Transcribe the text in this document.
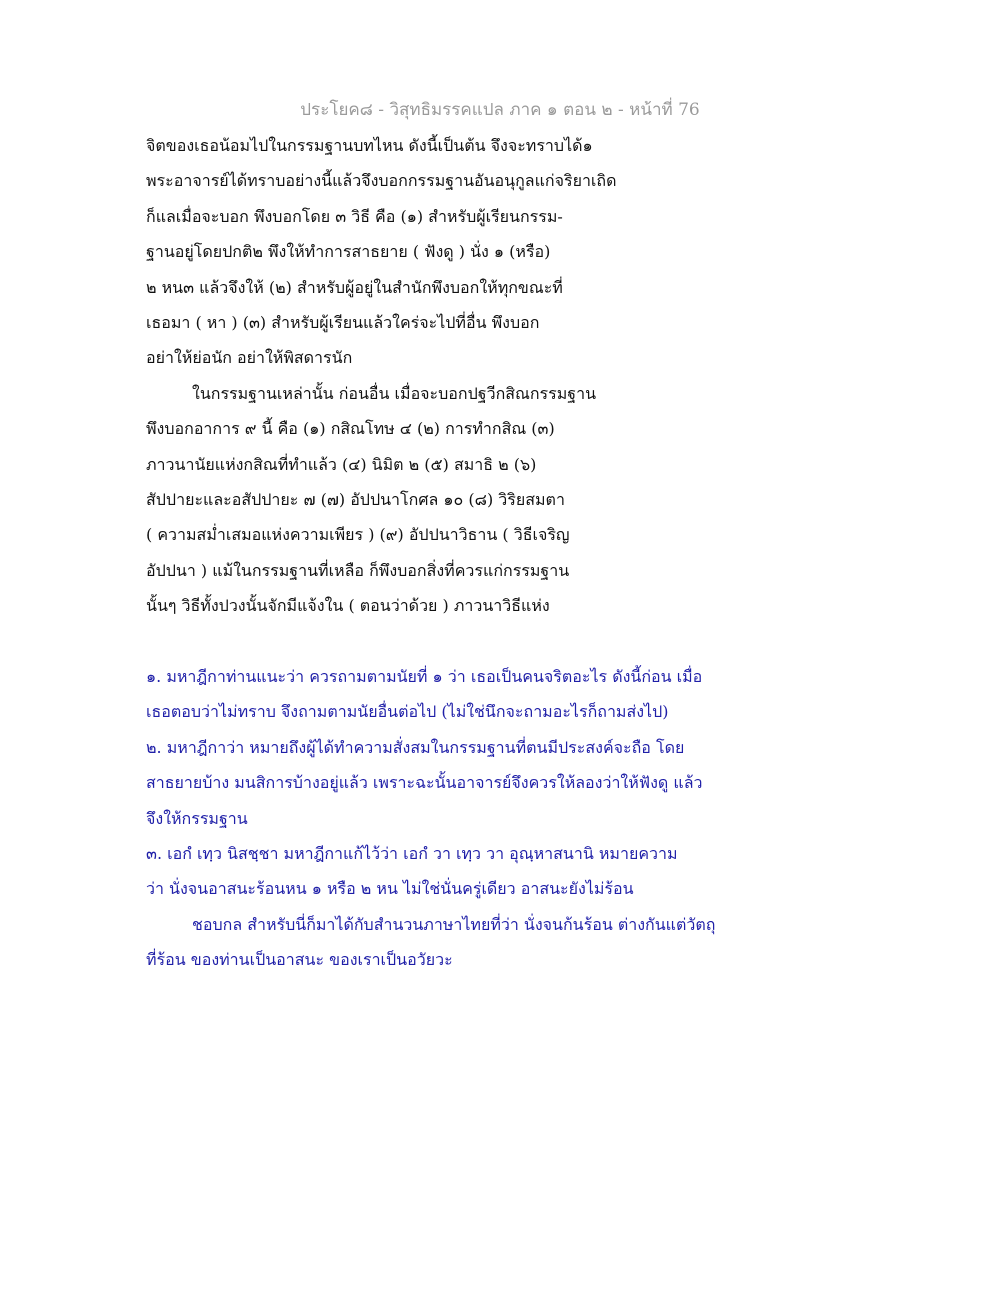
ประโยค๘ - วิสุทธิมรรคแปล ภาค ๑ ตอน ๒ - หน้าที่ 76
จิตของเธอน้อมไปในกรรมฐานบทไหน ดังนี้เป็นต้น จึงจะทราบได้๑
พระอาจารย์ได้ทราบอย่างนี้แล้วจึงบอกกรรมฐานอันอนุกูลแก่จริยาเถิด
ก็แลเมื่อจะบอก พึงบอกโดย ๓ วิธี คือ (๑) สำหรับผู้เรียนกรรม-
ฐานอยู่โดยปกติ๒ พึงให้ทำการสาธยาย ( ฟังดู ) นั่ง ๑ (หรือ)
๒ หน๓ แล้วจึงให้ (๒) สำหรับผู้อยู่ในสำนักพึงบอกให้ทุกขณะที่
เธอมา ( หา ) (๓) สำหรับผู้เรียนแล้วใคร่จะไปที่อื่น พึงบอก
อย่าให้ย่อนัก อย่าให้พิสดารนัก
ในกรรมฐานเหล่านั้น ก่อนอื่น เมื่อจะบอกปฐวีกสิณกรรมฐาน
พึงบอกอาการ ๙ นี้ คือ (๑) กสิณโทษ ๔ (๒) การทำกสิณ (๓)
ภาวนานัยแห่งกสิณที่ทำแล้ว (๔) นิมิต ๒ (๕) สมาธิ ๒ (๖)
สัปปายะและอสัปปายะ ๗ (๗) อัปปนาโกศล ๑๐ (๘) วิริยสมตา
( ความสม่ำเสมอแห่งความเพียร ) (๙) อัปปนาวิธาน ( วิธีเจริญ
อัปปนา ) แม้ในกรรมฐานที่เหลือ ก็พึงบอกสิ่งที่ควรแก่กรรมฐาน
นั้นๆ วิธีทั้งปวงนั้นจักมีแจ้งใน ( ตอนว่าด้วย ) ภาวนาวิธีแห่ง
๑. มหาฎีกาท่านแนะว่า ควรถามตามนัยที่ ๑ ว่า เธอเป็นคนจริตอะไร ดังนี้ก่อน เมื่อ
เธอตอบว่าไม่ทราบ จึงถามตามนัยอื่นต่อไป (ไม่ใช่นึกจะถามอะไรก็ถามส่งไป)
๒. มหาฎีกาว่า หมายถึงผู้ได้ทำความสั่งสมในกรรมฐานที่ตนมีประสงค์จะถือ โดย
สาธยายบ้าง มนสิการบ้างอยู่แล้ว เพราะฉะนั้นอาจารย์จึงควรให้ลองว่าให้ฟังดู แล้ว
จึงให้กรรมฐาน
๓. เอกํ เทฺว นิสชฺชา มหาฎีกาแก้ไว้ว่า เอกํ วา เทฺว วา อุณฺหาสนานิ หมายความ
ว่า นั่งจนอาสนะร้อนหน ๑ หรือ ๒ หน ไม่ใช่นั่นครู่เดียว อาสนะยังไม่ร้อน
ชอบกล สำหรับนี่ก็มาได้กับสำนวนภาษาไทยที่ว่า นั่งจนก้นร้อน ต่างกันแต่วัตถุ
ที่ร้อน ของท่านเป็นอาสนะ ของเราเป็นอวัยวะ
